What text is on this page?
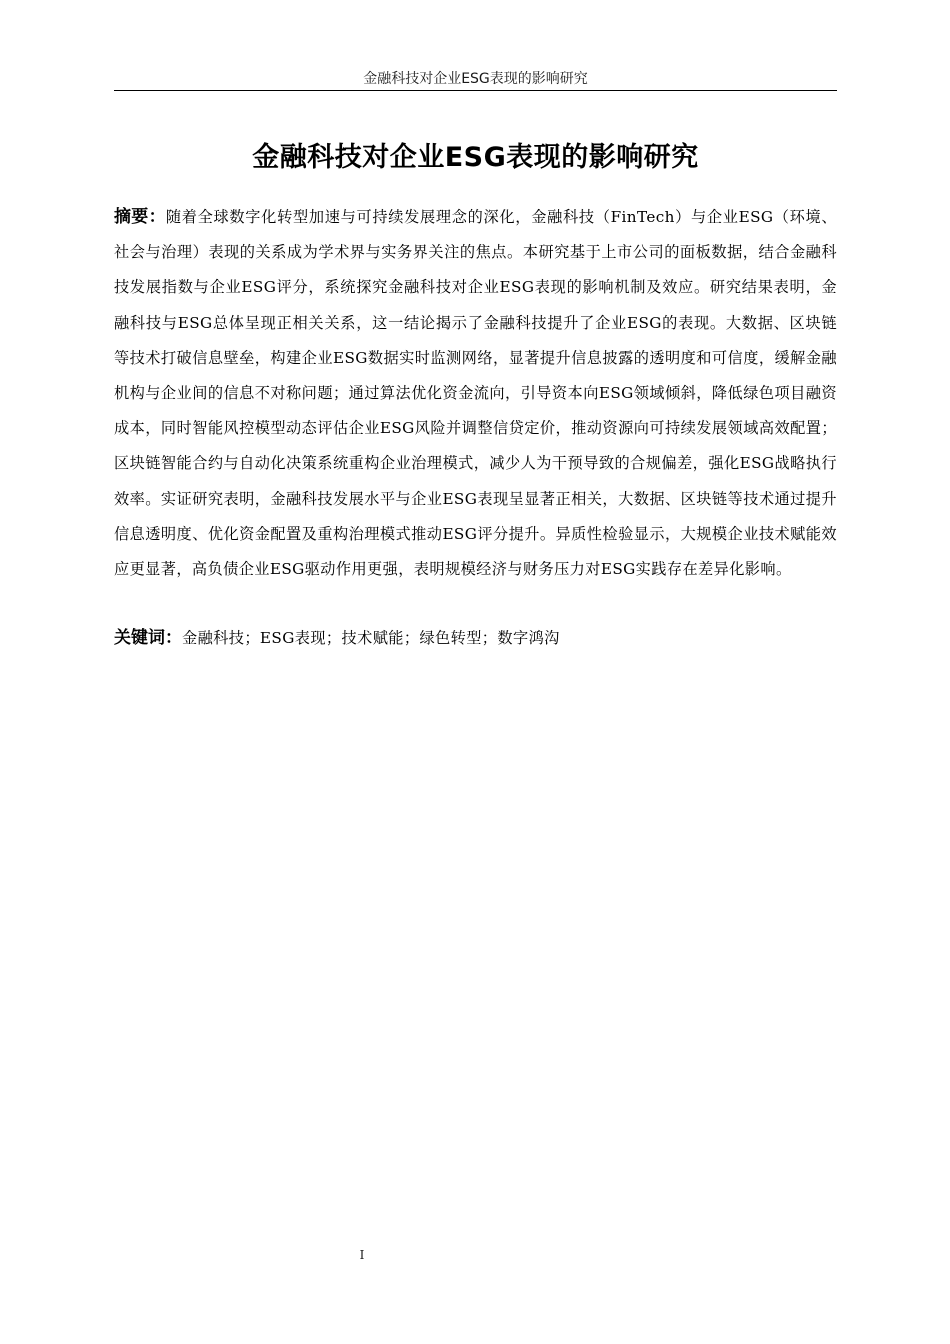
金融科技对企业ESG表现的影响研究
金融科技对企业ESG表现的影响研究

摘要：随着全球数字化转型加速与可持续发展理念的深化，金融科技（FinTech）与企业ESG（环境、社会与治理）表现的关系成为学术界与实务界关注的焦点。本研究基于上市公司的面板数据，结合金融科技发展指数与企业ESG评分，系统探究金融科技对企业ESG表现的影响机制及效应。研究结果表明，金融科技与ESG总体呈现正相关关系，这一结论揭示了金融科技提升了企业ESG的表现。大数据、区块链等技术打破信息壁垒，构建企业ESG数据实时监测网络，显著提升信息披露的透明度和可信度，缓解金融机构与企业间的信息不对称问题；通过算法优化资金流向，引导资本向ESG领域倾斜，降低绿色项目融资成本，同时智能风控模型动态评估企业ESG风险并调整信贷定价，推动资源向可持续发展领域高效配置；区块链智能合约与自动化决策系统重构企业治理模式，减少人为干预导致的合规偏差，强化ESG战略执行效率。实证研究表明，金融科技发展水平与企业ESG表现呈显著正相关，大数据、区块链等技术通过提升信息透明度、优化资金配置及重构治理模式推动ESG评分提升。异质性检验显示，大规模企业技术赋能效应更显著，高负债企业ESG驱动作用更强，表明规模经济与财务压力对ESG实践存在差异化影响。

关键词：金融科技；ESG表现；技术赋能；绿色转型；数字鸿沟

I
